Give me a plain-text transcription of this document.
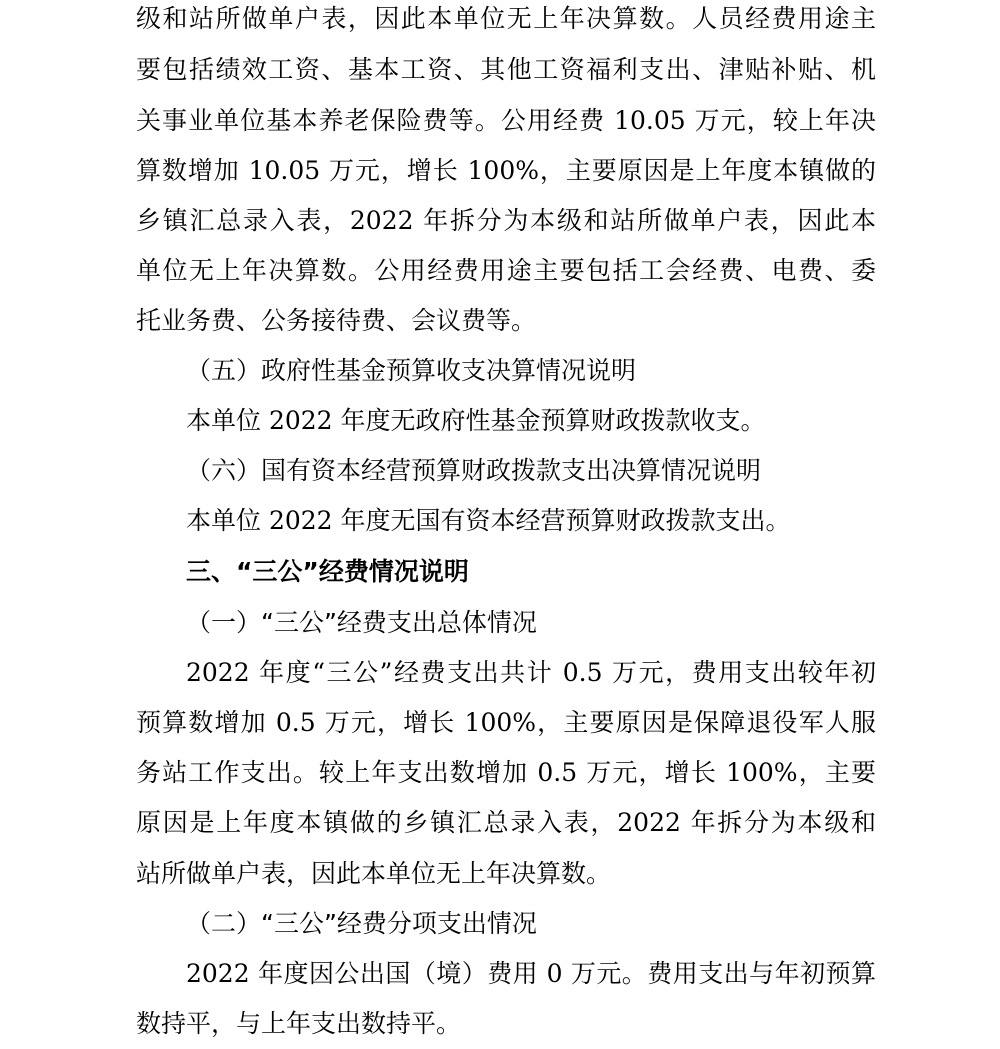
级和站所做单户表，因此本单位无上年决算数。人员经费用途主
要包括绩效工资、基本工资、其他工资福利支出、津贴补贴、机
关事业单位基本养老保险费等。公用经费 10.05 万元，较上年决
算数增加 10.05 万元，增长 100%，主要原因是上年度本镇做的
乡镇汇总录入表，2022 年拆分为本级和站所做单户表，因此本
单位无上年决算数。公用经费用途主要包括工会经费、电费、委
托业务费、公务接待费、会议费等。
（五）政府性基金预算收支决算情况说明
本单位 2022 年度无政府性基金预算财政拨款收支。
（六）国有资本经营预算财政拨款支出决算情况说明
本单位 2022 年度无国有资本经营预算财政拨款支出。
三、“三公”经费情况说明
（一）“三公”经费支出总体情况
2022 年度“三公”经费支出共计 0.5 万元，费用支出较年初
预算数增加 0.5 万元，增长 100%，主要原因是保障退役军人服
务站工作支出。较上年支出数增加 0.5 万元，增长 100%，主要
原因是上年度本镇做的乡镇汇总录入表，2022 年拆分为本级和
站所做单户表，因此本单位无上年决算数。
（二）“三公”经费分项支出情况
2022 年度因公出国（境）费用 0 万元。费用支出与年初预算
数持平，与上年支出数持平。
